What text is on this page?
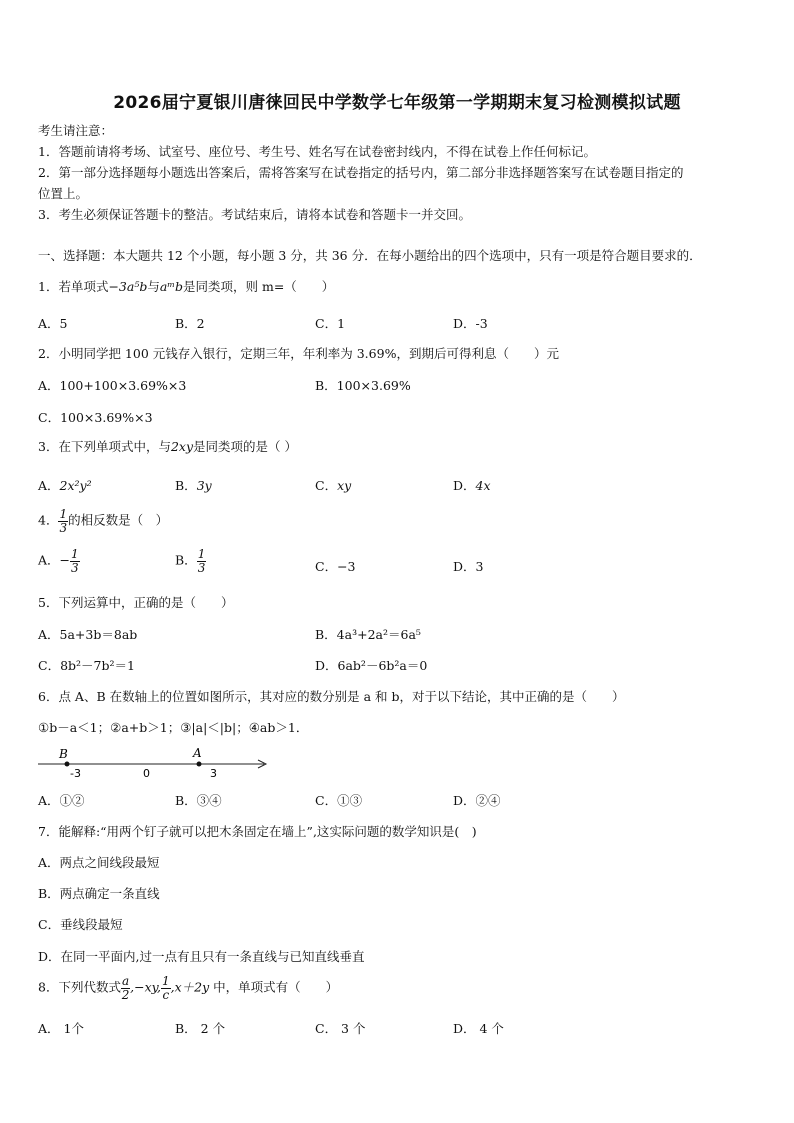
2026届宁夏银川唐徕回民中学数学七年级第一学期期末复习检测模拟试题
考生请注意：
1．答题前请将考场、试室号、座位号、考生号、姓名写在试卷密封线内，不得在试卷上作任何标记。
2．第一部分选择题每小题选出答案后，需将答案写在试卷指定的括号内，第二部分非选择题答案写在试卷题目指定的
位置上。
3．考生必须保证答题卡的整洁。考试结束后，请将本试卷和答题卡一并交回。
一、选择题：本大题共 12 个小题，每小题 3 分，共 36 分．在每小题给出的四个选项中，只有一项是符合题目要求的．
1．若单项式−3a⁵b与aᵐb是同类项，则 m=（　　）
A．5	B．2	C．1	D．-3
2．小明同学把 100 元钱存入银行，定期三年，年利率为 3.69%，到期后可得利息（　　）元
A．100+100×3.69%×3	B．100×3.69%
C．100×3.69%×3
3．在下列单项式中，与2xy是同类项的是（ ）
A．2x²y²	B．3y	C．xy	D．4x
4． $\frac{1}{3}$ 的相反数是（　）
A．− $\frac{1}{3}$	B． $\frac{1}{3}$	C．−3	D．3
5．下列运算中，正确的是（　　）
A．5a+3b＝8ab	B．4a³+2a²＝6a⁵
C．8b²－7b²＝1	D．6ab²－6b²a＝0
6．点 A、B 在数轴上的位置如图所示，其对应的数分别是 a 和 b，对于以下结论，其中正确的是（　　）
①b－a＜1；②a+b＞1；③|a|＜|b|；④ab＞1．
B	A
-3	0	3
A．①②	B．③④	C．①③	D．②④
7．能解释:“用两个钉子就可以把木条固定在墙上”,这实际问题的数学知识是(　)
A．两点之间线段最短
B．两点确定一条直线
C．垂线段最短
D．在同一平面内,过一点有且只有一条直线与已知直线垂直
8．下列代数式 $\frac{a}{2} ,-xy$, $\frac{1}{c} ,x+2y$ 中，单项式有（　　）
A． 1个	B． 2 个	C． 3 个	D． 4 个
